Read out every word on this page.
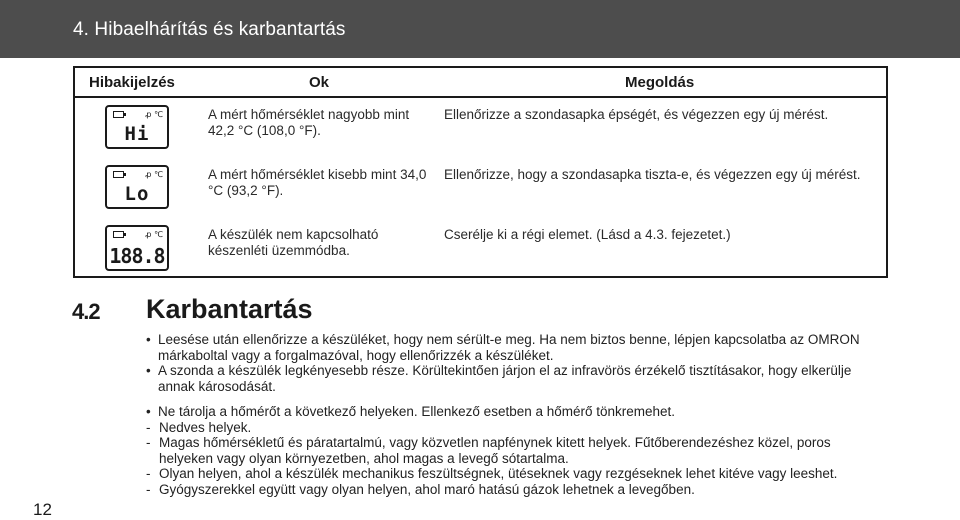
4. Hibaelhárítás és karbantartás
Hibakijelzés	Ok	Megoldás
ꝓ ℃
Hi
A mért hőmérséklet nagyobb mint 42,2 °C (108,0 °F).
Ellenőrizze a szondasapka épségét, és végezzen egy új mérést.
ꝓ ℃
Lo
A mért hőmérséklet kisebb mint 34,0 °C (93,2 °F).
Ellenőrizze, hogy a szondasapka tiszta-e, és végezzen egy új mérést.
ꝓ ℃
188.8
A készülék nem kapcsolható készenléti üzemmódba.
Cserélje ki a régi elemet. (Lásd a 4.3. fejezetet.)
4.2 Karbantartás

• Leesése után ellenőrizze a készüléket, hogy nem sérült-e meg. Ha nem biztos benne, lépjen kapcsolatba az OMRON márkaboltal vagy a forgalmazóval, hogy ellenőrizzék a készüléket.

• A szonda a készülék legkényesebb része. Körültekintően járjon el az infravörös érzékelő tisztításakor, hogy elkerülje annak károsodását.

• Ne tárolja a hőmérőt a következő helyeken. Ellenkező esetben a hőmérő tönkremehet.

- Nedves helyek.

- Magas hőmérsékletű és páratartalmú, vagy közvetlen napfénynek kitett helyek. Fűtőberendezéshez közel, poros helyeken vagy olyan környezetben, ahol magas a levegő sótartalma.

- Olyan helyen, ahol a készülék mechanikus feszültségnek, ütéseknek vagy rezgéseknek lehet kitéve vagy leeshet.

- Gyógyszerekkel együtt vagy olyan helyen, ahol maró hatású gázok lehetnek a levegőben.

12
